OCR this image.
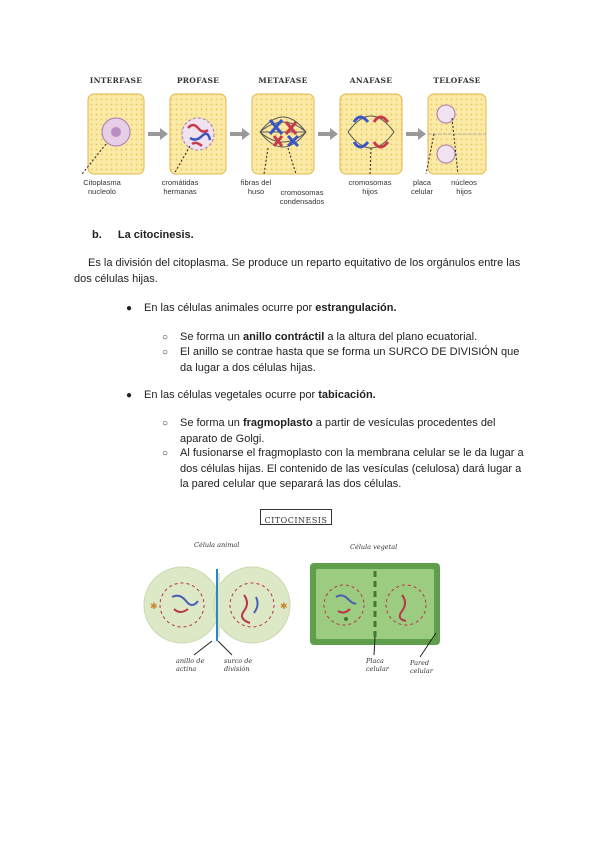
INTERFASE	PROFASE	METAFASE	ANAFASE	TELOFASE
Citoplasma
nucleolo
cromátidas
hermanas
fibras del
huso	cromosomas
condensados
cromosomas
hijos
placa
celular
núcleos
hijos
b. La citocinesis.
Es la división del citoplasma. Se produce un reparto equitativo de los orgánulos entre las dos células hijas.
● En las células animales ocurre por estrangulación.
○ Se forma un anillo contráctil a la altura del plano ecuatorial.
○ El anillo se contrae hasta que se forma un SURCO DE DIVISIÓN que da lugar a dos células hijas.
● En las células vegetales ocurre por tabicación.
○ Se forma un fragmoplasto a partir de vesículas procedentes del aparato de Golgi.
○ Al fusionarse el fragmoplasto con la membrana celular se le da lugar a dos células hijas. El contenido de las vesículas (celulosa) dará lugar a la pared celular que separará las dos células.
CITOCINESIS
Célula animal	Célula vegetal
✱	✱
anillo de
actina
surco de
división
Placa
celular
Pared
celular
